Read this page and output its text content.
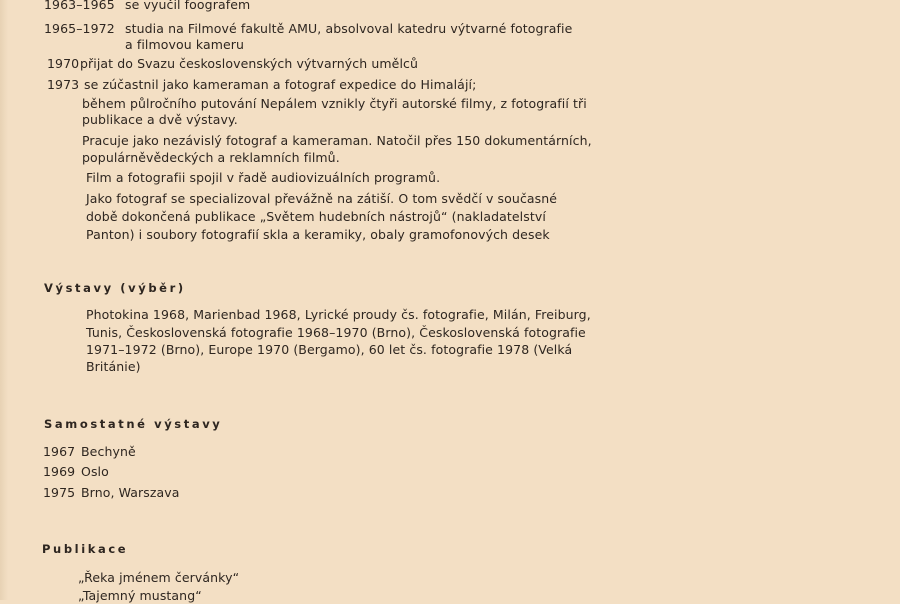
1963–1965 se vyučil foografem
1965–1972 studia na Filmové fakultě AMU, absolvoval katedru výtvarné fotografie
a filmovou kameru
1970 přijat do Svazu československých výtvarných umělců
1973 se zúčastnil jako kameraman a fotograf expedice do Himalájí;
během půlročního putování Nepálem vznikly čtyři autorské filmy, z fotografií tři
publikace a dvě výstavy.
Pracuje jako nezávislý fotograf a kameraman. Natočil přes 150 dokumentárních,
populárněvědeckých a reklamních filmů.
Film a fotografii spojil v řadě audiovizuálních programů.
Jako fotograf se specializoval převážně na zátiší. O tom svědčí v současné
době dokončená publikace „Světem hudebních nástrojů“ (nakladatelství
Panton) i soubory fotografií skla a keramiky, obaly gramofonových desek
Výstavy (výběr)
Photokina 1968, Marienbad 1968, Lyrické proudy čs. fotografie, Milán, Freiburg,
Tunis, Československá fotografie 1968–1970 (Brno), Československá fotografie
1971–1972 (Brno), Europe 1970 (Bergamo), 60 let čs. fotografie 1978 (Velká
Británie)
Samostatné výstavy
1967 Bechyně
1969 Oslo
1975 Brno, Warszava
Publikace
„Řeka jménem červánky“
„Tajemný mustang“
